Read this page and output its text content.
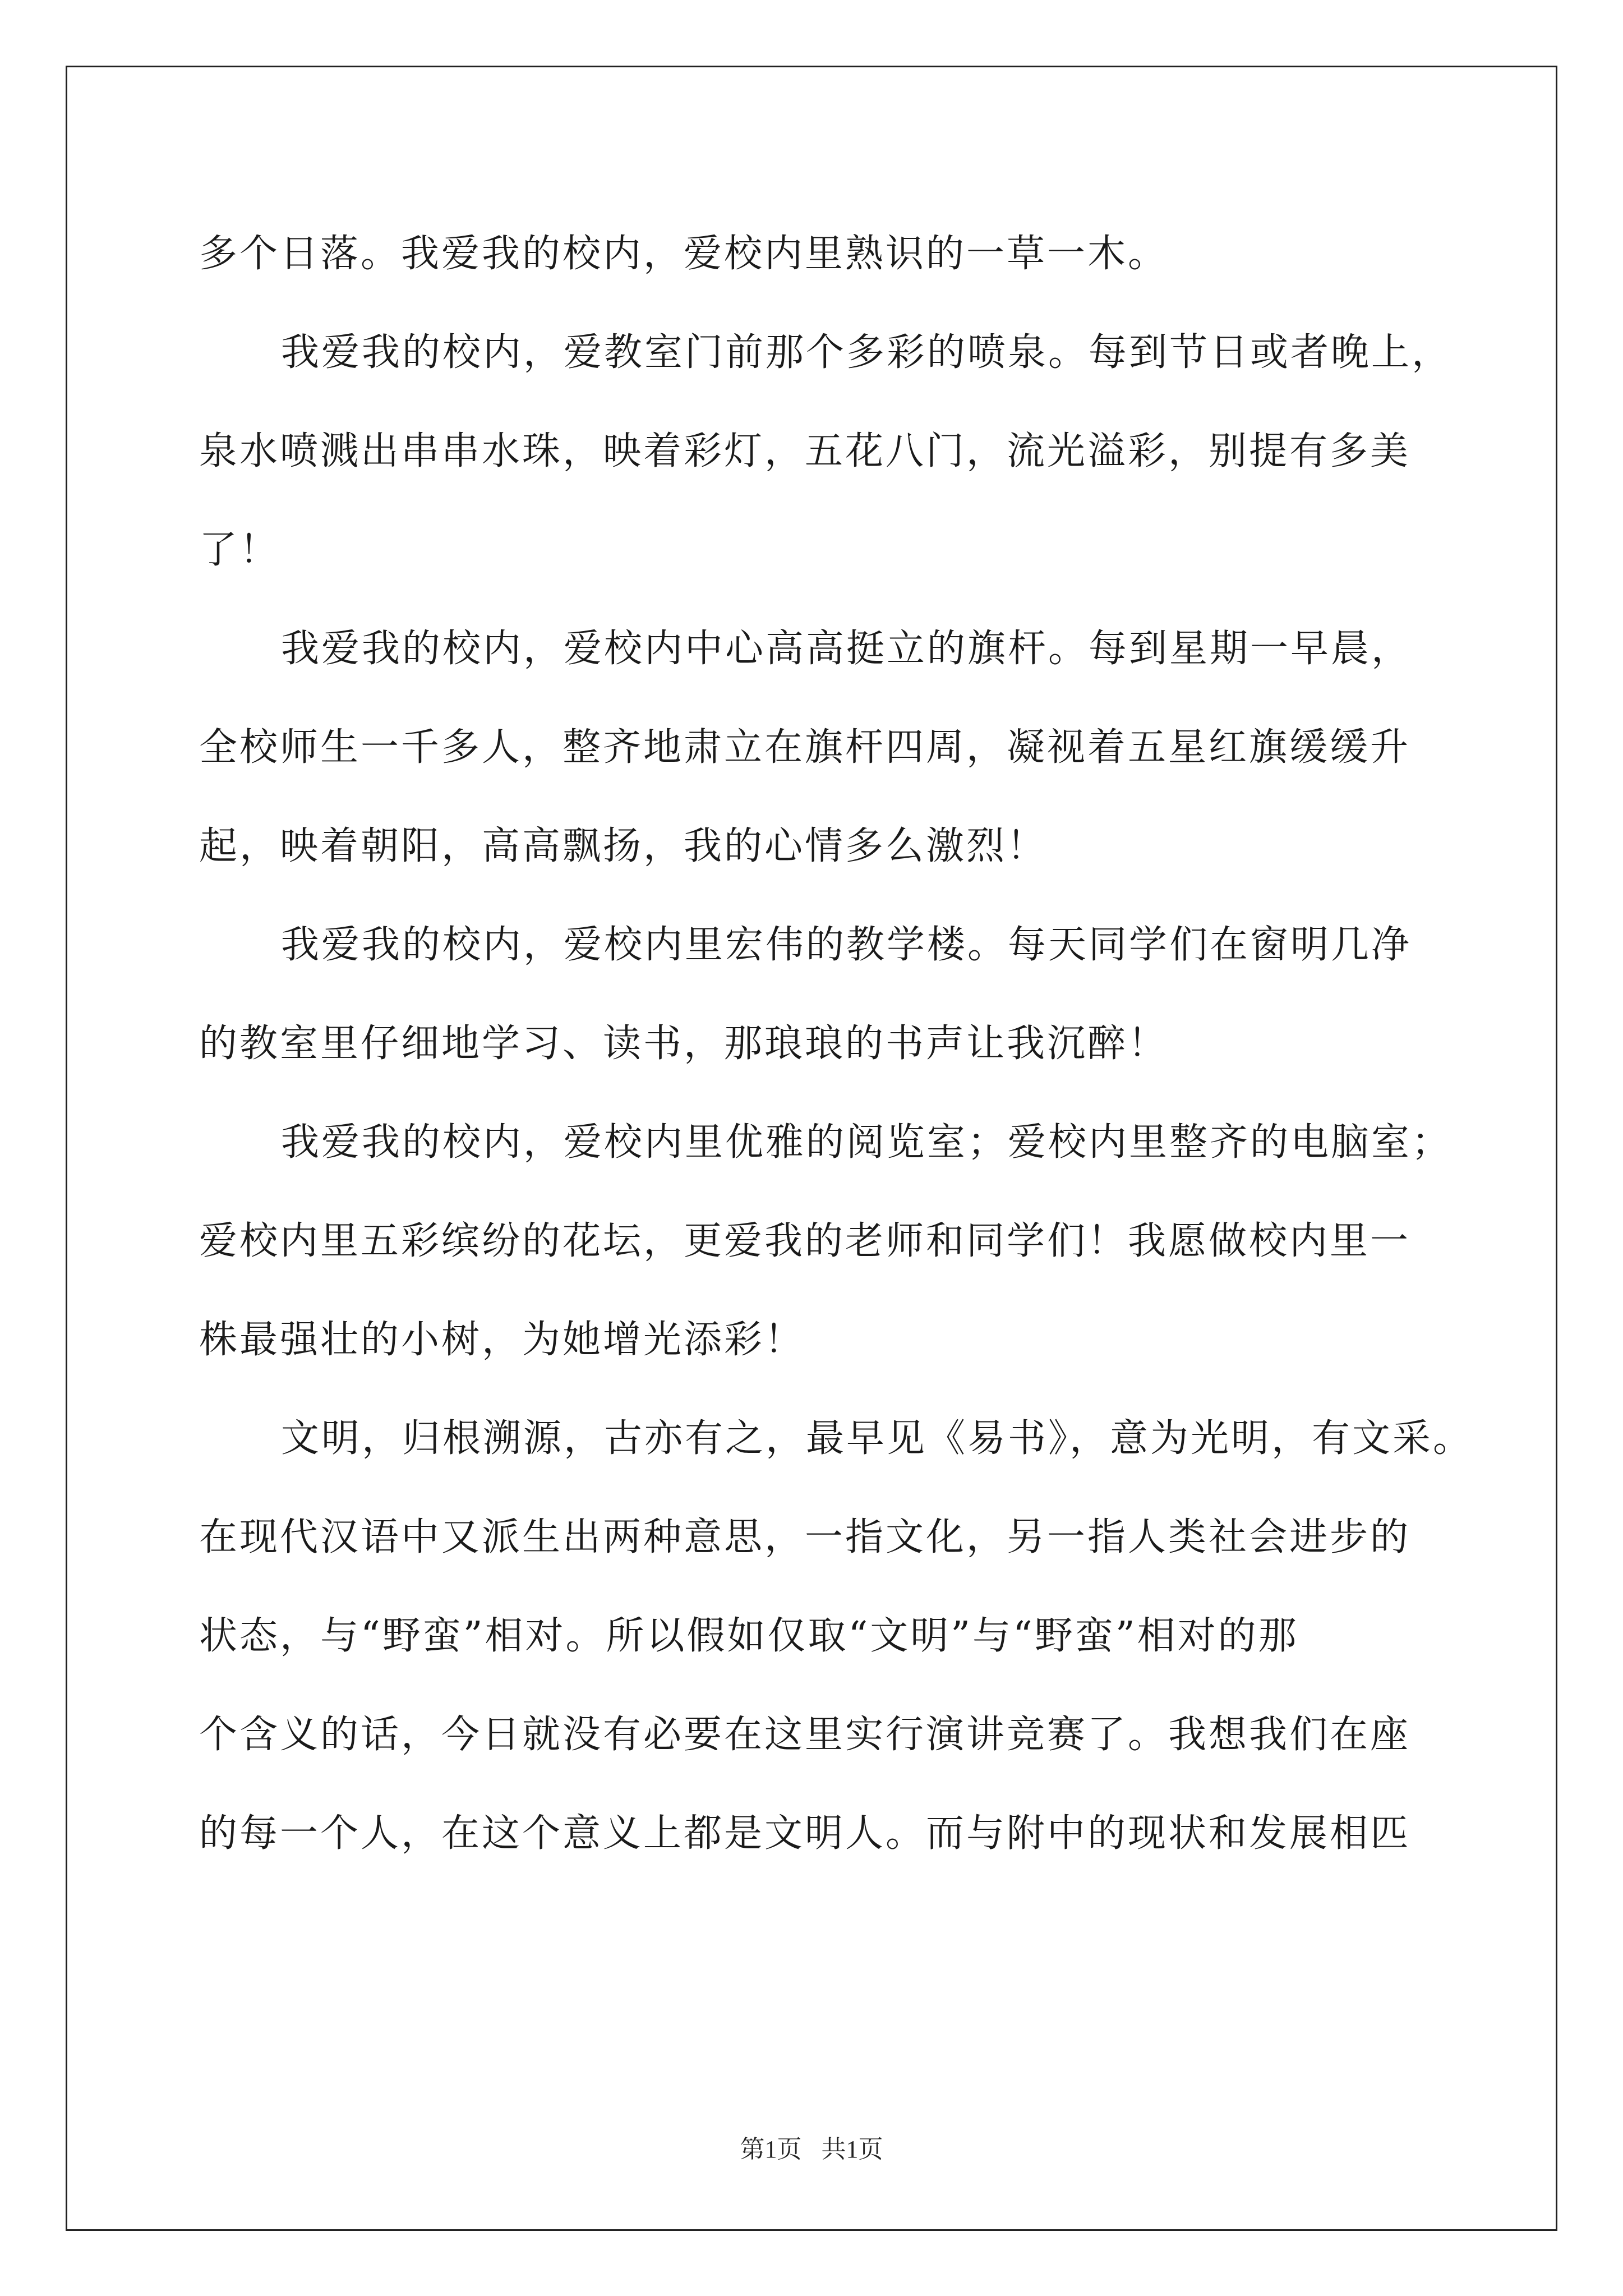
多个日落。我爱我的校内，爱校内里熟识的一草一木。
我爱我的校内，爱教室门前那个多彩的喷泉。每到节日或者晚上，
泉水喷溅出串串水珠，映着彩灯，五花八门，流光溢彩，别提有多美
了！
我爱我的校内，爱校内中心高高挺立的旗杆。每到星期一早晨，
全校师生一千多人，整齐地肃立在旗杆四周，凝视着五星红旗缓缓升
起，映着朝阳，高高飘扬，我的心情多么激烈！
我爱我的校内，爱校内里宏伟的教学楼。每天同学们在窗明几净
的教室里仔细地学习、读书，那琅琅的书声让我沉醉！
我爱我的校内，爱校内里优雅的阅览室；爱校内里整齐的电脑室；
爱校内里五彩缤纷的花坛，更爱我的老师和同学们！我愿做校内里一
株最强壮的小树，为她增光添彩！
文明，归根溯源，古亦有之，最早见《易书》，意为光明，有文采。
在现代汉语中又派生出两种意思，一指文化，另一指人类社会进步的
状态，与“野蛮”相对。所以假如仅取“文明”与“野蛮”相对的那
个含义的话，今日就没有必要在这里实行演讲竞赛了。我想我们在座
的每一个人，在这个意义上都是文明人。而与附中的现状和发展相匹
第1页 共1页
